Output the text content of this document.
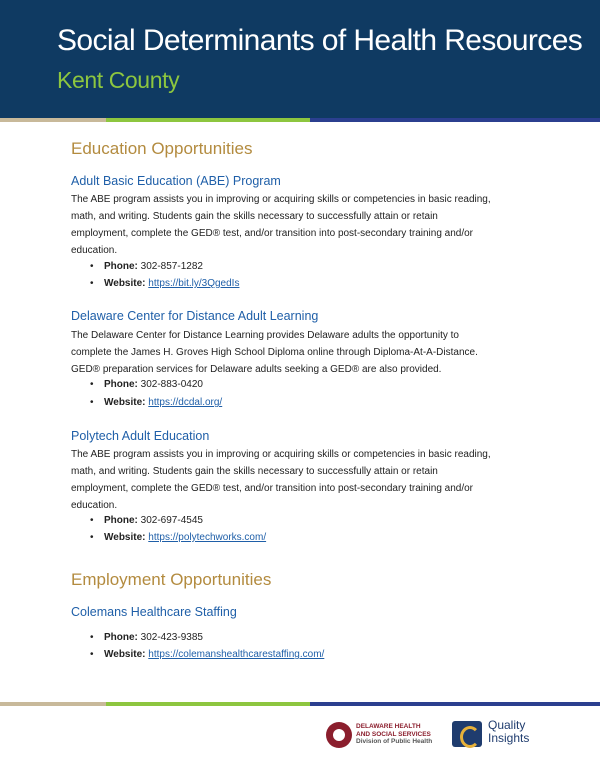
Social Determinants of Health Resources
Kent County
Education Opportunities
Adult Basic Education (ABE) Program
The ABE program assists you in improving or acquiring skills or competencies in basic reading,
math, and writing. Students gain the skills necessary to successfully attain or retain
employment, complete the GED® test, and/or transition into post-secondary training and/or
education.
• Phone: 302-857-1282
• Website: https://bit.ly/3QgedIs
Delaware Center for Distance Adult Learning
The Delaware Center for Distance Learning provides Delaware adults the opportunity to
complete the James H. Groves High School Diploma online through Diploma-At-A-Distance.
GED® preparation services for Delaware adults seeking a GED® are also provided.
• Phone: 302-883-0420
• Website: https://dcdal.org/
Polytech Adult Education
The ABE program assists you in improving or acquiring skills or competencies in basic reading,
math, and writing. Students gain the skills necessary to successfully attain or retain
employment, complete the GED® test, and/or transition into post-secondary training and/or
education.
• Phone: 302-697-4545
• Website: https://polytechworks.com/
Employment Opportunities
Colemans Healthcare Staffing
• Phone: 302-423-9385
• Website: https://colemanshealthcarestaffing.com/
DELAWARE HEALTH
AND SOCIAL SERVICES
Division of Public Health
Quality
Insights
